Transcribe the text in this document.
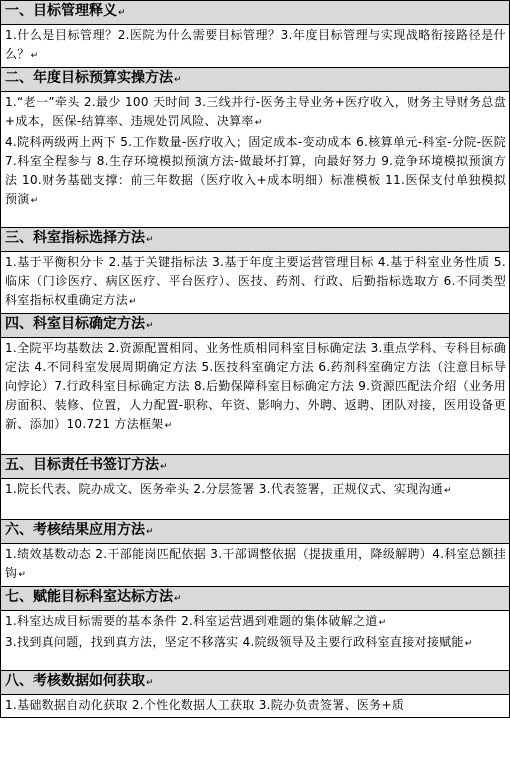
一、目标管理释义↵

1.什么是目标管理？2.医院为什么需要目标管理？3.年度目标管理与实现战略衔接路径是什么？↵

二、年度目标预算实操方法↵

1.“老一”牵头 2.最少 100 天时间 3.三线并行-医务主导业务+医疗收入，财务主导财务总盘+成本，医保-结算率、违规处罚风险、决算率↵
4.院科两级两上两下 5.工作数量-医疗收入；固定成本-变动成本 6.核算单元-科室-分院-医院 7.科室全程参与 8.生存环境模拟预演方法-做最坏打算，向最好努力 9.竞争环境模拟预演方法 10.财务基础支撑：前三年数据（医疗收入+成本明细）标准模板 11.医保支付单独模拟预演↵

三、科室指标选择方法↵

1.基于平衡积分卡 2.基于关键指标法 3.基于年度主要运营管理目标 4.基于科室业务性质 5.临床（门诊医疗、病区医疗、平台医疗）、医技、药剂、行政、后勤指标选取方 6.不同类型科室指标权重确定方法↵

四、科室目标确定方法↵

1.全院平均基数法 2.资源配置相同、业务性质相同科室目标确定法 3.重点学科、专科目标确定法 4.不同科室发展周期确定方法 5.医技科室确定方法 6.药剂科室确定方法（注意目标导向悖论）7.行政科室目标确定方法 8.后勤保障科室目标确定方法 9.资源匹配法介绍（业务用房面积、装修、位置，人力配置-职称、年资、影响力、外聘、返聘、团队对接，医用设备更新、添加）10.721 方法框架↵

五、目标责任书签订方法↵

1.院长代表、院办成文、医务牵头 2.分层签署 3.代表签署，正规仪式、实现沟通↵

六、考核结果应用方法↵

1.绩效基数动态 2.干部能岗匹配依据 3.干部调整依据（提拔重用，降级解聘）4.科室总额挂钩↵

七、赋能目标科室达标方法↵

1.科室达成目标需要的基本条件 2.科室运营遇到难题的集体破解之道↵
3.找到真问题，找到真方法，坚定不移落实 4.院级领导及主要行政科室直接对接赋能↵

八、考核数据如何获取↵

1.基础数据自动化获取 2.个性化数据人工获取 3.院办负责签署、医务+质
